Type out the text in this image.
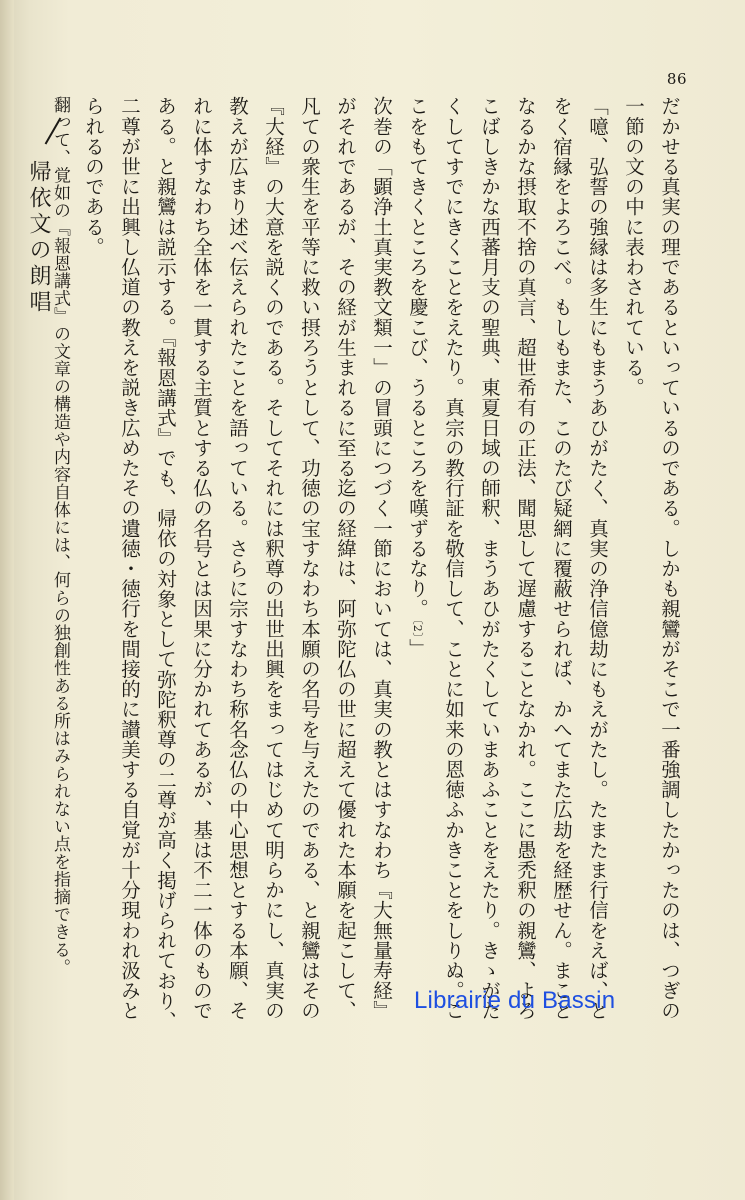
帰依文の朗唱
86

だかせる真実の理であるといっているのである。しかも親鸞がそこで一番強調したかったのは、つぎの一節の文の中に表わされている。

「噫、弘誓の強縁は多生にもまうあひがたく、真実の浄信億劫にもえがたし。たまたま行信をえば、とをく宿縁をよろこべ。もしもまた、このたび疑網に覆蔽せられば、かへてまた広劫を経歴せん。まことなるかな摂取不捨の真言、超世希有の正法、聞思して遅慮することなかれ。ここに愚禿釈の親鸞、よろこばしきかな西蕃月支の聖典、東夏日域の師釈、まうあひがたくしていまあふことをえたり。きゝがたくしてすでにきくことをえたり。真宗の教行証を敬信して、ことに如来の恩徳ふかきことをしりぬ。ここをもてきくところを慶こび、うるところを嘆ずるなり。〔2〕」

次巻の「顕浄土真実教文類一」の冒頭につづく一節においては、真実の教とはすなわち『大無量寿経』がそれであるが、その経が生まれるに至る迄の経緯は、阿弥陀仏の世に超えて優れた本願を起こして、凡ての衆生を平等に救い摂ろうとして、功徳の宝すなわち本願の名号を与えたのである、と親鸞はその『大経』の大意を説くのである。そしてそれには釈尊の出世出興をまってはじめて明らかにし、真実の教えが広まり述べ伝えられたことを語っている。さらに宗すなわち称名念仏の中心思想とする本願、それに体すなわち全体を一貫する主質とする仏の名号とは因果に分かれてあるが、基は不二一体のものである。と親鸞は説示する。『報恩講式』でも、帰依の対象として弥陀釈尊の二尊が高く掲げられており、二尊が世に出興し仏道の教えを説き広めたその遺徳・徳行を間接的に讃美する自覚が十分現われ汲みとられるのである。

翻って、覚如の『報恩講式』の文章の構造や内容自体には、何らの独創性ある所はみられない点を指摘できる。

Librairie du Bassin
